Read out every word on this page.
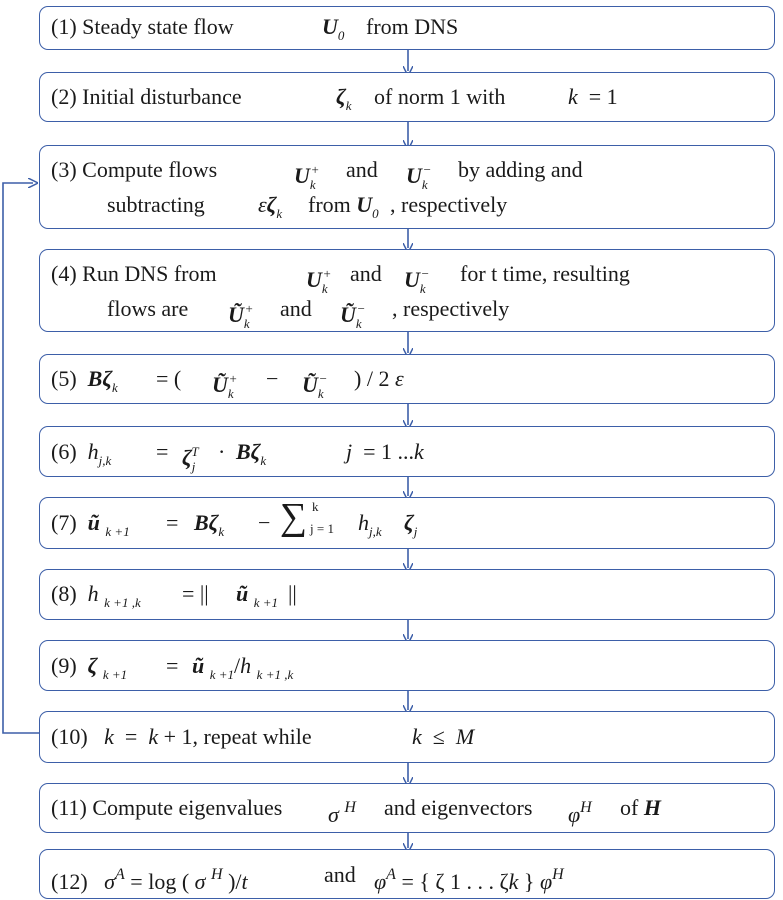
(1) Steady state flow	$U_0$ from DNS
(2) Initial disturbance	$\zeta_k$ of norm 1 with	k = 1
(3) Compute flows	$U_k^+$ and $U_k^-$ by adding and
subtracting $\varepsilon\zeta_k$ from $U_0$ , respectively
(4) Run DNS from	$U_k^+$ and $U_k^-$ for t time, resulting
flows are $Ũ_k^+$ and $Ũ_k^-$ , respectively
(5) $B\zeta_k$ = ( $Ũ_k^+$ − $Ũ_k^-$ ) / 2 ε
(6) $h_{j,k} = \zeta_j^T \cdot B\zeta_k$	j = 1 ...k
(7) ũ $_{k +1} = B\zeta_k$ − ∑ k
j = 1 $h_{j,k}$ $\zeta_j$
(8) h $_{k +1 ,k}$ = || ũ $_{k +1}$ ||
(9) ζ $_{k +1}$ = ũ $_{k +1}$/h $_{k +1 ,k}$
(10) k = k + 1, repeat while	k ≤ M
(11) Compute eigenvalues σ $^H$ and eigenvectors $\varphi^H$ of H
(12) $\sigma^A = \log$ ( σ $^H$ )/t	and $\varphi^A$ = { ζ 1 . . . ζk } $\varphi^H$
